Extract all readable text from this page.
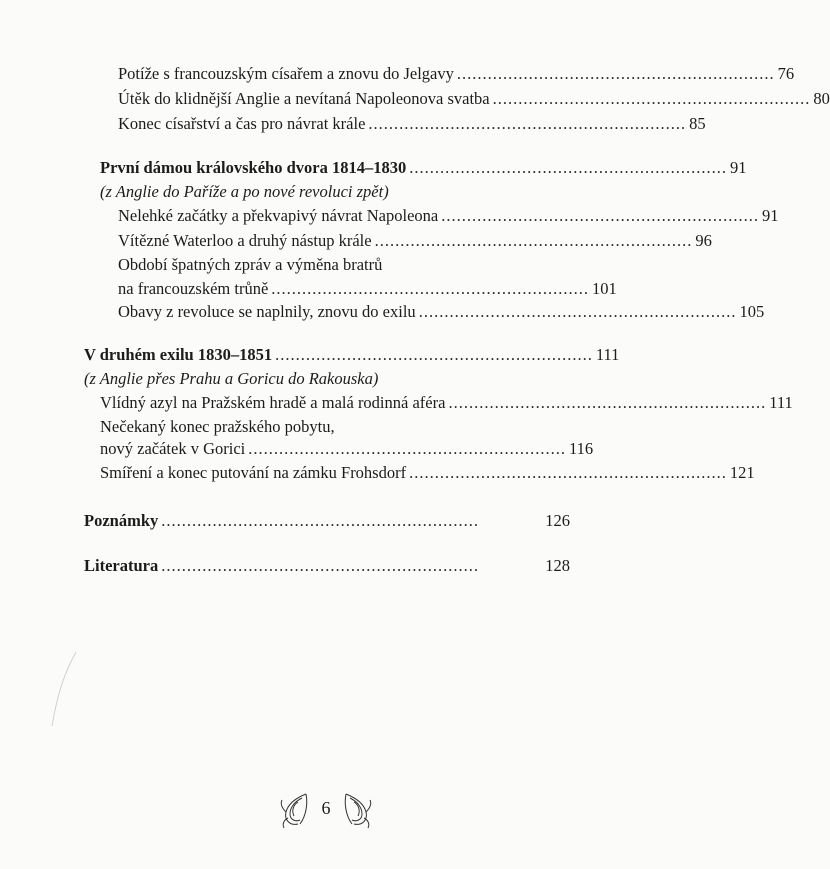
Potíže s francouzským císařem a znovu do Jelgavy .............................................................. 76
Útěk do klidnější Anglie a nevítaná Napoleonova svatba .............................................................. 80
Konec císařství a čas pro návrat krále .............................................................. 85
První dámou královského dvora 1814–1830 .............................................................. 91
(z Anglie do Paříže a po nové revoluci zpět)
Nelehké začátky a překvapivý návrat Napoleona .............................................................. 91
Vítězné Waterloo a druhý nástup krále .............................................................. 96
Období špatných zpráv a výměna bratrů
na francouzském trůně .............................................................. 101
Obavy z revoluce se naplnily, znovu do exilu .............................................................. 105
V druhém exilu 1830–1851 .............................................................. 111
(z Anglie přes Prahu a Goricu do Rakouska)
Vlídný azyl na Pražském hradě a malá rodinná aféra .............................................................. 111
Nečekaný konec pražského pobytu,
nový začátek v Gorici .............................................................. 116
Smíření a konec putování na zámku Frohsdorf .............................................................. 121
Poznámky ..............................................................	126
Literatura ..............................................................	128
6
